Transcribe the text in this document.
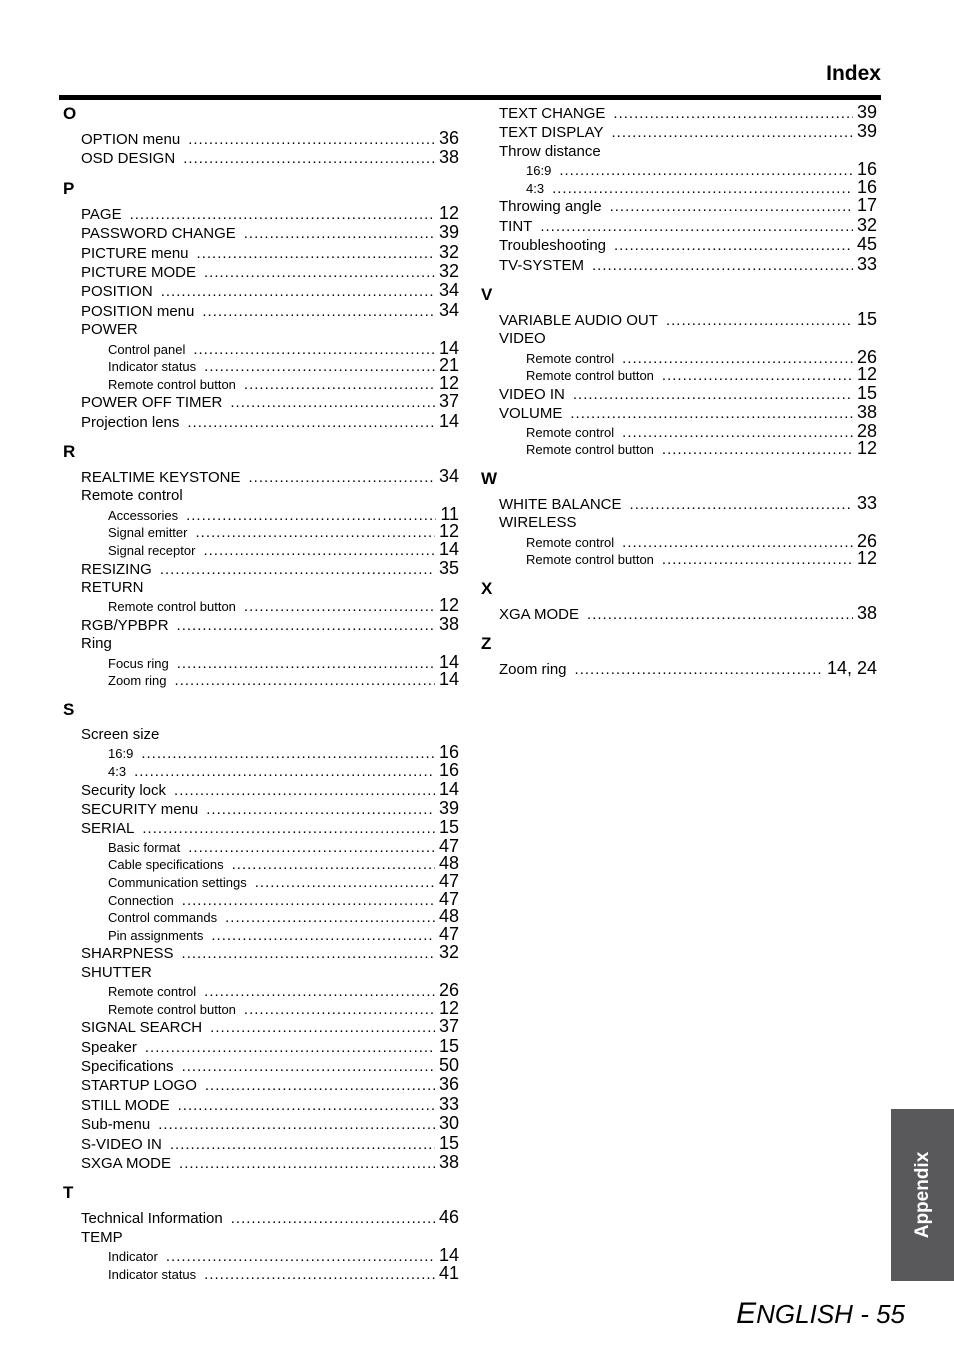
Index
O
OPTION menu .....	36
OSD DESIGN .....	38
P
PAGE .....	12
PASSWORD CHANGE .....	39
PICTURE menu .....	32
PICTURE MODE .....	32
POSITION .....	34
POSITION menu .....	34
POWER
Control panel .....	14
Indicator status .....	21
Remote control button .....	12
POWER OFF TIMER .....	37
Projection lens .....	14
R
REALTIME KEYSTONE .....	34
Remote control
Accessories .....	11
Signal emitter .....	12
Signal receptor .....	14
RESIZING .....	35
RETURN
Remote control button .....	12
RGB/YPBPR .....	38
Ring
Focus ring .....	14
Zoom ring .....	14
S
Screen size
16:9 .....	16
4:3 .....	16
Security lock .....	14
SECURITY menu .....	39
SERIAL .....	15
Basic format .....	47
Cable specifications .....	48
Communication settings .....	47
Connection .....	47
Control commands .....	48
Pin assignments .....	47
SHARPNESS .....	32
SHUTTER
Remote control .....	26
Remote control button .....	12
SIGNAL SEARCH .....	37
Speaker .....	15
Specifications .....	50
STARTUP LOGO .....	36
STILL MODE .....	33
Sub-menu .....	30
S-VIDEO IN .....	15
SXGA MODE .....	38
T
Technical Information .....	46
TEMP
Indicator .....	14
Indicator status .....	41
TEXT CHANGE .....	39
TEXT DISPLAY .....	39
Throw distance
16:9 .....	16
4:3 .....	16
Throwing angle .....	17
TINT .....	32
Troubleshooting .....	45
TV-SYSTEM .....	33
V
VARIABLE AUDIO OUT .....	15
VIDEO
Remote control .....	26
Remote control button .....	12
VIDEO IN .....	15
VOLUME .....	38
Remote control .....	28
Remote control button .....	12
W
WHITE BALANCE .....	33
WIRELESS
Remote control .....	26
Remote control button .....	12
X
XGA MODE .....	38
Z
Zoom ring .....	14, 24
Appendix
ENGLISH - 55
